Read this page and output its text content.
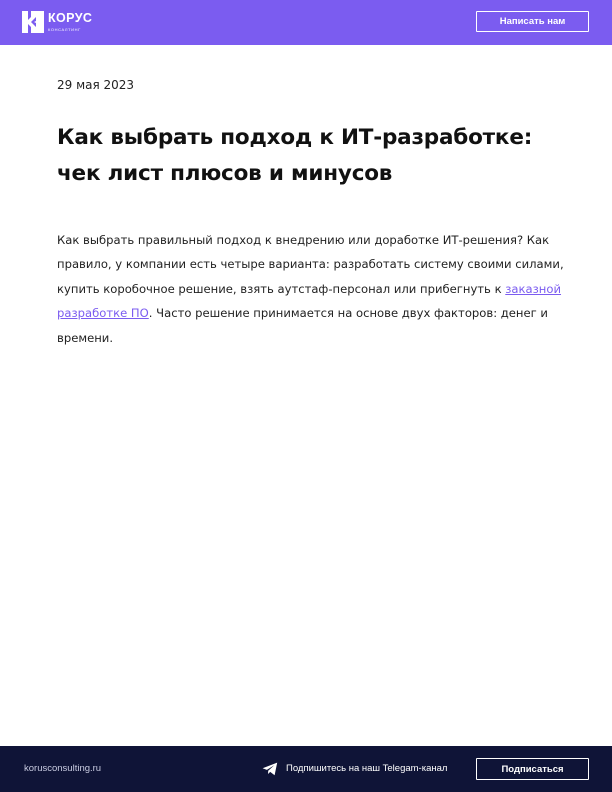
КОРУС
КОНСАЛТИНГ
Написать нам
29 мая 2023
Как выбрать подход к ИТ-разработке: чек лист плюсов и минусов

Как выбрать правильный подход к внедрению или доработке ИТ-решения? Как правило, у компании есть четыре варианта: разработать систему своими силами, купить коробочное решение, взять аутстаф-персонал или прибегнуть к заказной разработке ПО. Часто решение принимается на основе двух факторов: денег и времени.

korusconsulting.ru	Подпишитесь на наш Telegam-канал	Подписаться
